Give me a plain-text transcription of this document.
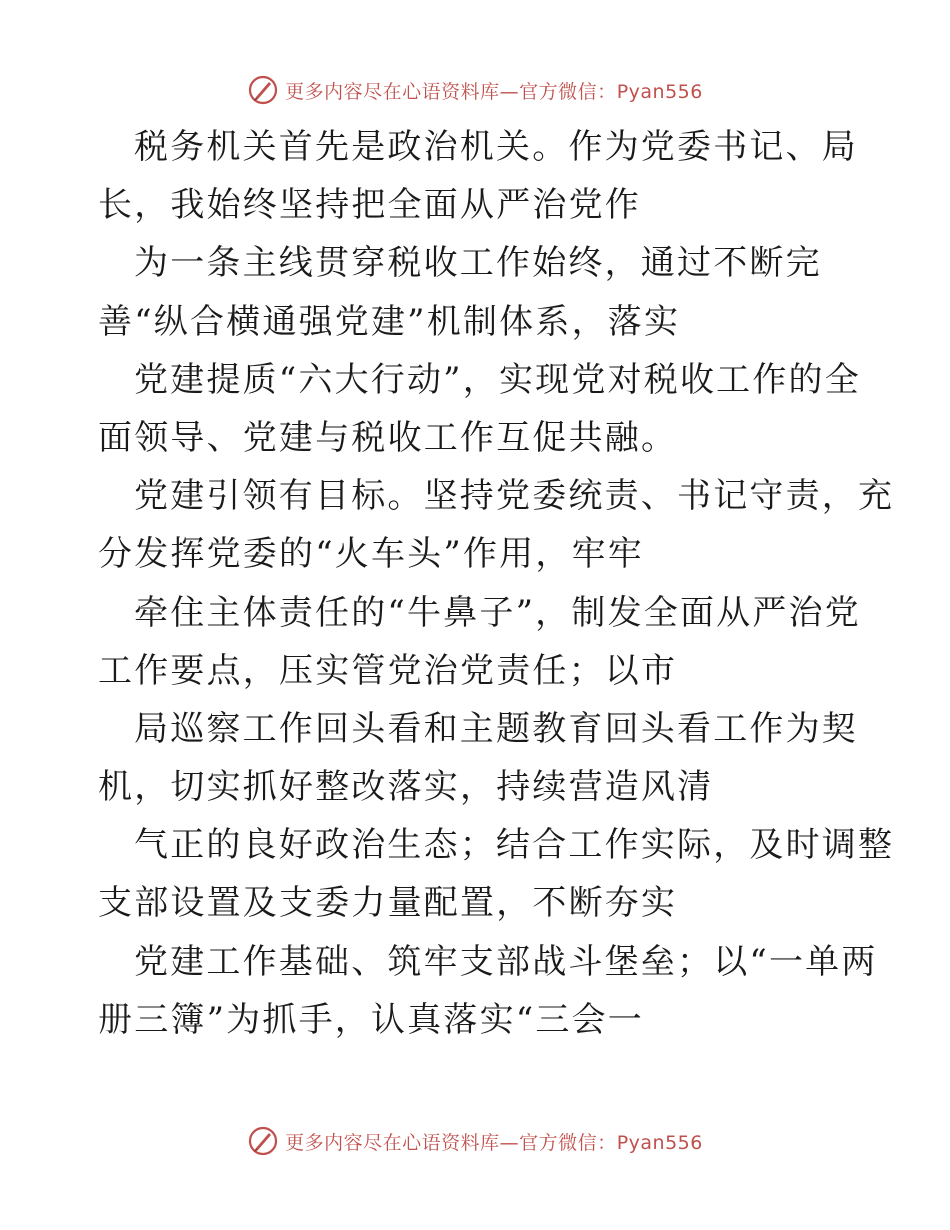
更多内容尽在心语资料库—官方微信：Pyan556
税务机关首先是政治机关。作为党委书记、局
长，我始终坚持把全面从严治党作
为一条主线贯穿税收工作始终，通过不断完
善“纵合横通强党建”机制体系，落实
党建提质“六大行动”，实现党对税收工作的全
面领导、党建与税收工作互促共融。
党建引领有目标。坚持党委统责、书记守责，充
分发挥党委的“火车头”作用，牢牢
牵住主体责任的“牛鼻子”，制发全面从严治党
工作要点，压实管党治党责任；以市
局巡察工作回头看和主题教育回头看工作为契
机，切实抓好整改落实，持续营造风清
气正的良好政治生态；结合工作实际，及时调整
支部设置及支委力量配置，不断夯实
党建工作基础、筑牢支部战斗堡垒；以“一单两
册三簿”为抓手，认真落实“三会一
更多内容尽在心语资料库—官方微信：Pyan556
